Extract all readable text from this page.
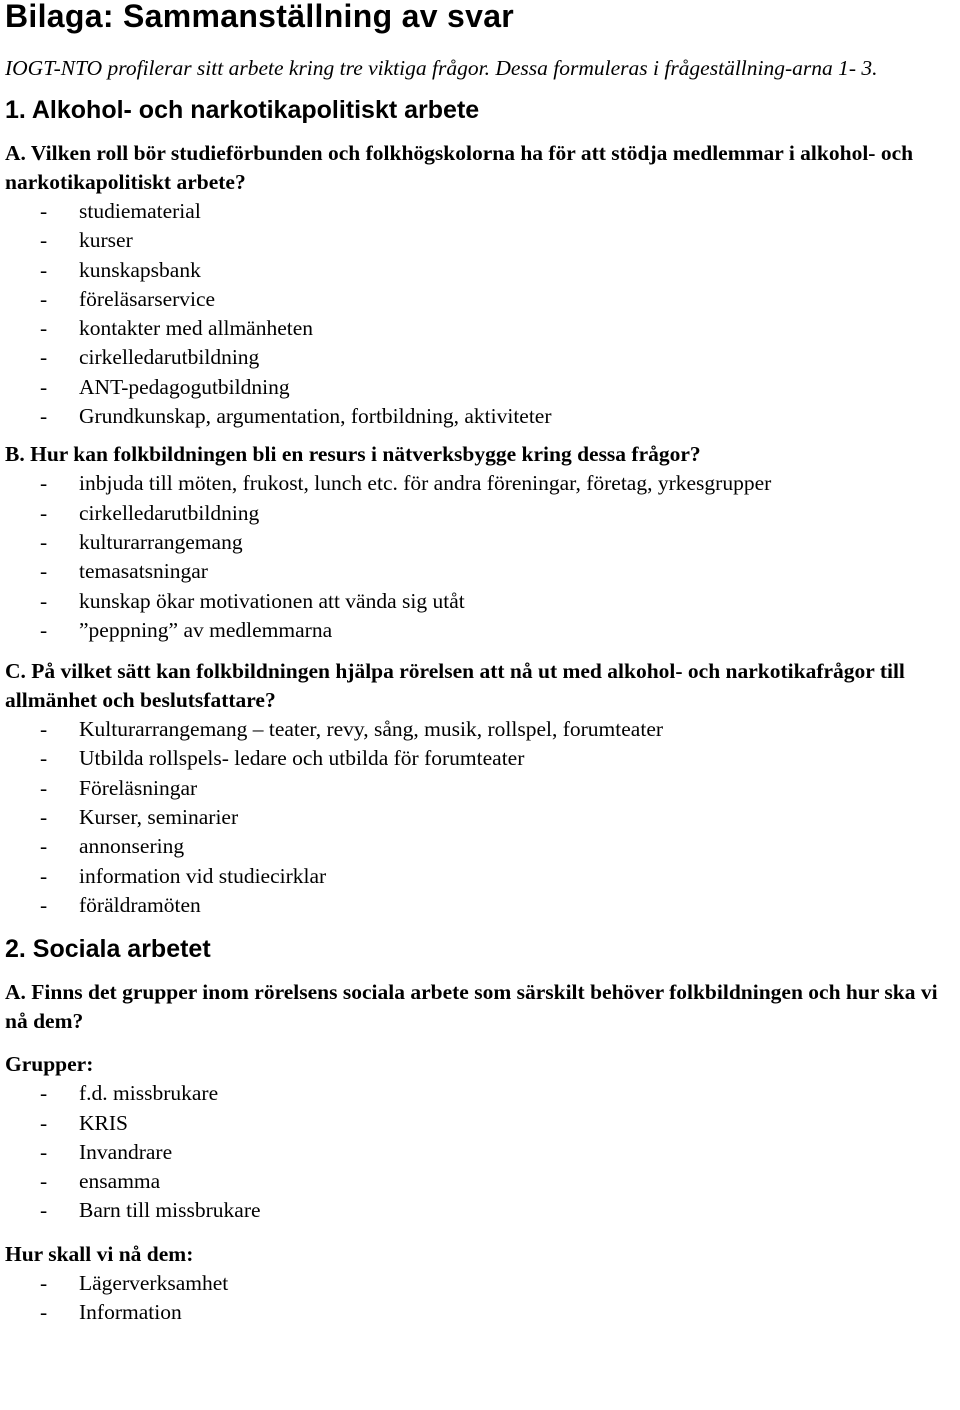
Bilaga: Sammanställning av svar

IOGT-NTO profilerar sitt arbete kring tre viktiga frågor. Dessa formuleras i frågeställning-arna 1- 3.

1. Alkohol- och narkotikapolitiskt arbete

A. Vilken roll bör studieförbunden och folkhögskolorna ha för att stödja medlemmar i alkohol- och narkotikapolitiskt arbete?

- studiematerial
- kurser
- kunskapsbank
- föreläsarservice
- kontakter med allmänheten
- cirkelledarutbildning
- ANT-pedagogutbildning
- Grundkunskap, argumentation, fortbildning, aktiviteter

B. Hur kan folkbildningen bli en resurs i nätverksbygge kring dessa frågor?

- inbjuda till möten, frukost, lunch etc. för andra föreningar, företag, yrkesgrupper
- cirkelledarutbildning
- kulturarrangemang
- temasatsningar
- kunskap ökar motivationen att vända sig utåt
- ”peppning” av medlemmarna

C. På vilket sätt kan folkbildningen hjälpa rörelsen att nå ut med alkohol- och narkotikafrågor till allmänhet och beslutsfattare?

- Kulturarrangemang – teater, revy, sång, musik, rollspel, forumteater
- Utbilda rollspels- ledare och utbilda för forumteater
- Föreläsningar
- Kurser, seminarier
- annonsering
- information vid studiecirklar
- föräldramöten
2. Sociala arbetet

A. Finns det grupper inom rörelsens sociala arbete som särskilt behöver folkbildningen och hur ska vi nå dem?

Grupper:

- f.d. missbrukare
- KRIS
- Invandrare
- ensamma
- Barn till missbrukare

Hur skall vi nå dem:

- Lägerverksamhet
- Information
